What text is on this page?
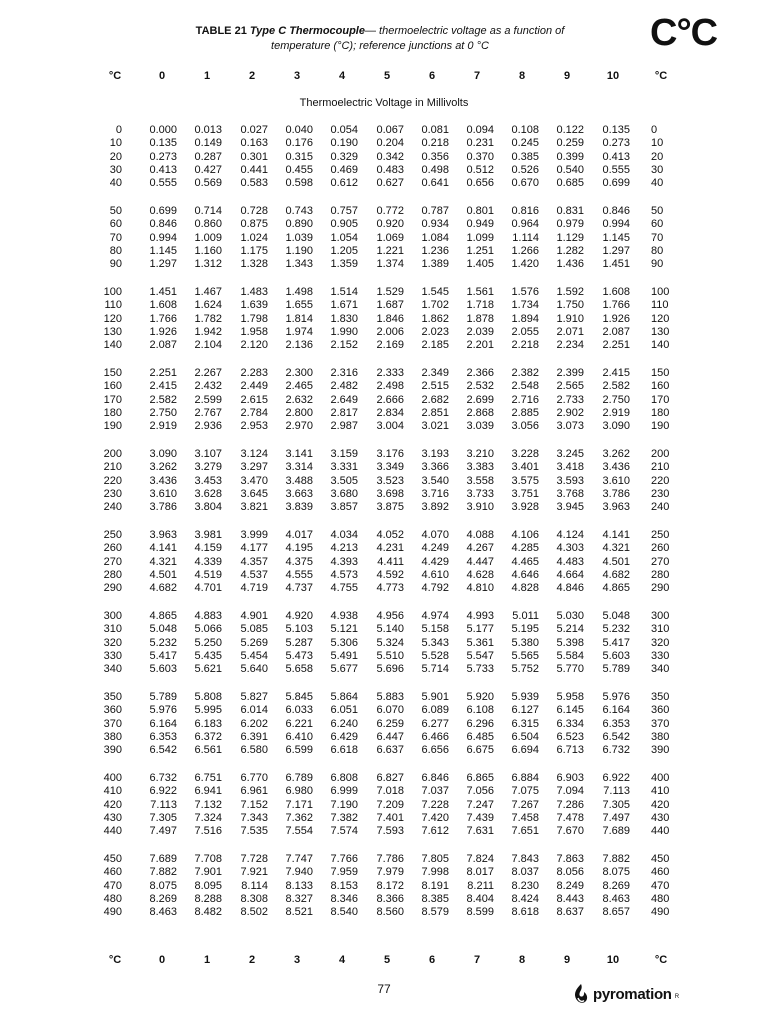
TABLE 21 Type C Thermocouple— thermoelectric voltage as a function of temperature (°C); reference junctions at 0 °C	C°C
°C	0	1	2	3	4	5	6	7	8	9	10	°C
Thermoelectric Voltage in Millivolts
0 0.000 0.013 0.027 0.040 0.054 0.067 0.081 0.094 0.108 0.122 0.135 0
10 0.135 0.149 0.163 0.176 0.190 0.204 0.218 0.231 0.245 0.259 0.273 10
20 0.273 0.287 0.301 0.315 0.329 0.342 0.356 0.370 0.385 0.399 0.413 20
30 0.413 0.427 0.441 0.455 0.469 0.483 0.498 0.512 0.526 0.540 0.555 30
40 0.555 0.569 0.583 0.598 0.612 0.627 0.641 0.656 0.670 0.685 0.699 40
50 0.699 0.714 0.728 0.743 0.757 0.772 0.787 0.801 0.816 0.831 0.846 50
60 0.846 0.860 0.875 0.890 0.905 0.920 0.934 0.949 0.964 0.979 0.994 60
70 0.994 1.009 1.024 1.039 1.054 1.069 1.084 1.099 1.114 1.129 1.145 70
80 1.145 1.160 1.175 1.190 1.205 1.221 1.236 1.251 1.266 1.282 1.297 80
90 1.297 1.312 1.328 1.343 1.359 1.374 1.389 1.405 1.420 1.436 1.451 90
100 1.451 1.467 1.483 1.498 1.514 1.529 1.545 1.561 1.576 1.592 1.608 100
110 1.608 1.624 1.639 1.655 1.671 1.687 1.702 1.718 1.734 1.750 1.766 110
120 1.766 1.782 1.798 1.814 1.830 1.846 1.862 1.878 1.894 1.910 1.926 120
130 1.926 1.942 1.958 1.974 1.990 2.006 2.023 2.039 2.055 2.071 2.087 130
140 2.087 2.104 2.120 2.136 2.152 2.169 2.185 2.201 2.218 2.234 2.251 140
150 2.251 2.267 2.283 2.300 2.316 2.333 2.349 2.366 2.382 2.399 2.415 150
160 2.415 2.432 2.449 2.465 2.482 2.498 2.515 2.532 2.548 2.565 2.582 160
170 2.582 2.599 2.615 2.632 2.649 2.666 2.682 2.699 2.716 2.733 2.750 170
180 2.750 2.767 2.784 2.800 2.817 2.834 2.851 2.868 2.885 2.902 2.919 180
190 2.919 2.936 2.953 2.970 2.987 3.004 3.021 3.039 3.056 3.073 3.090 190
200 3.090 3.107 3.124 3.141 3.159 3.176 3.193 3.210 3.228 3.245 3.262 200
210 3.262 3.279 3.297 3.314 3.331 3.349 3.366 3.383 3.401 3.418 3.436 210
220 3.436 3.453 3.470 3.488 3.505 3.523 3.540 3.558 3.575 3.593 3.610 220
230 3.610 3.628 3.645 3.663 3.680 3.698 3.716 3.733 3.751 3.768 3.786 230
240 3.786 3.804 3.821 3.839 3.857 3.875 3.892 3.910 3.928 3.945 3.963 240
250 3.963 3.981 3.999 4.017 4.034 4.052 4.070 4.088 4.106 4.124 4.141 250
260 4.141 4.159 4.177 4.195 4.213 4.231 4.249 4.267 4.285 4.303 4.321 260
270 4.321 4.339 4.357 4.375 4.393 4.411 4.429 4.447 4.465 4.483 4.501 270
280 4.501 4.519 4.537 4.555 4.573 4.592 4.610 4.628 4.646 4.664 4.682 280
290 4.682 4.701 4.719 4.737 4.755 4.773 4.792 4.810 4.828 4.846 4.865 290
300 4.865 4.883 4.901 4.920 4.938 4.956 4.974 4.993 5.011 5.030 5.048 300
310 5.048 5.066 5.085 5.103 5.121 5.140 5.158 5.177 5.195 5.214 5.232 310
320 5.232 5.250 5.269 5.287 5.306 5.324 5.343 5.361 5.380 5.398 5.417 320
330 5.417 5.435 5.454 5.473 5.491 5.510 5.528 5.547 5.565 5.584 5.603 330
340 5.603 5.621 5.640 5.658 5.677 5.696 5.714 5.733 5.752 5.770 5.789 340
350 5.789 5.808 5.827 5.845 5.864 5.883 5.901 5.920 5.939 5.958 5.976 350
360 5.976 5.995 6.014 6.033 6.051 6.070 6.089 6.108 6.127 6.145 6.164 360
370 6.164 6.183 6.202 6.221 6.240 6.259 6.277 6.296 6.315 6.334 6.353 370
380 6.353 6.372 6.391 6.410 6.429 6.447 6.466 6.485 6.504 6.523 6.542 380
390 6.542 6.561 6.580 6.599 6.618 6.637 6.656 6.675 6.694 6.713 6.732 390
400 6.732 6.751 6.770 6.789 6.808 6.827 6.846 6.865 6.884 6.903 6.922 400
410 6.922 6.941 6.961 6.980 6.999 7.018 7.037 7.056 7.075 7.094 7.113 410
420	7.113 7.132 7.152 7.171 7.190 7.209 7.228 7.247 7.267 7.286 7.305 420
430 7.305 7.324 7.343 7.362 7.382 7.401 7.420 7.439 7.458 7.478 7.497 430
440 7.497 7.516 7.535 7.554 7.574 7.593 7.612 7.631 7.651 7.670 7.689 440
450 7.689 7.708 7.728 7.747 7.766 7.786 7.805 7.824 7.843 7.863 7.882 450
460 7.882 7.901 7.921 7.940 7.959 7.979 7.998 8.017 8.037 8.056 8.075 460
470 8.075 8.095 8.114 8.133 8.153 8.172 8.191 8.211 8.230 8.249 8.269 470
480 8.269 8.288 8.308 8.327 8.346 8.366 8.385 8.404 8.424 8.443 8.463 480
490 8.463 8.482 8.502 8.521 8.540 8.560 8.579 8.599 8.618 8.637 8.657 490
°C	0	1	2	3	4	5	6	7	8	9	10	°C
77	pyromation R
